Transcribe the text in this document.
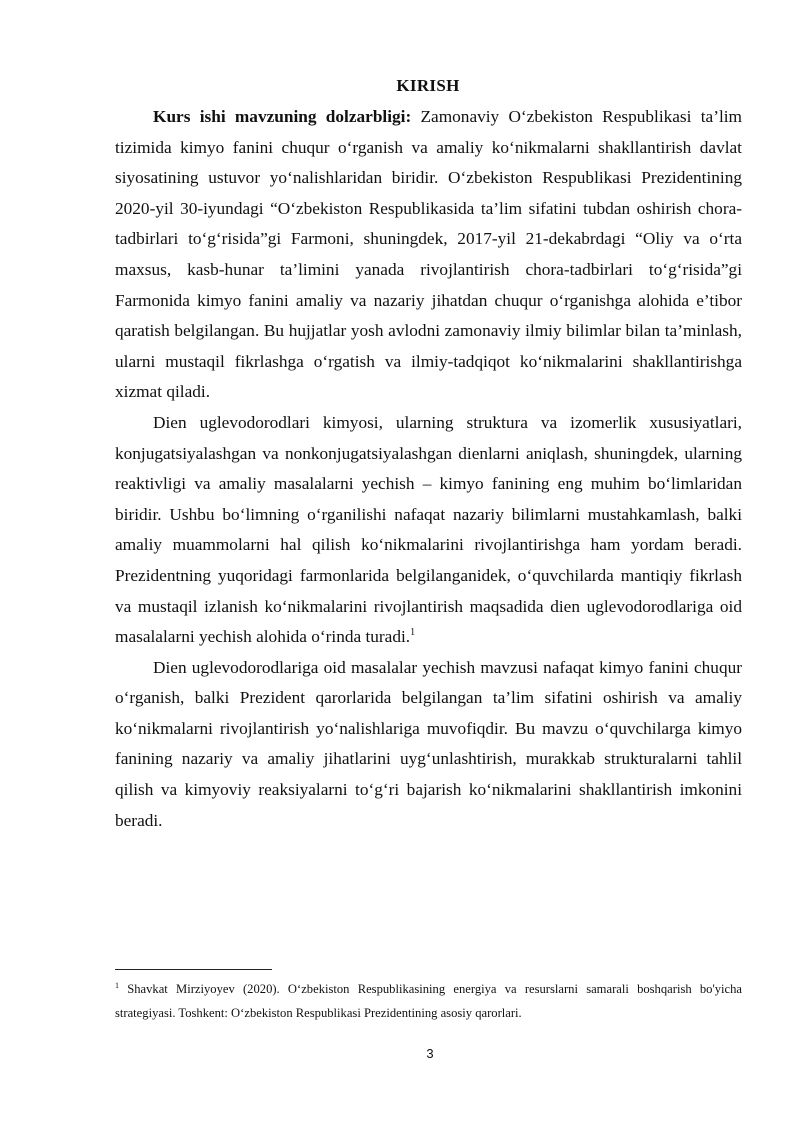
KIRISH

Kurs ishi mavzuning dolzarbligi: Zamonaviy O‘zbekiston Respublikasi ta’lim tizimida kimyo fanini chuqur o‘rganish va amaliy ko‘nikmalarni shakllantirish davlat siyosatining ustuvor yo‘nalishlaridan biridir. O‘zbekiston Respublikasi Prezidentining 2020-yil 30-iyundagi “O‘zbekiston Respublikasida ta’lim sifatini tubdan oshirish chora-tadbirlari to‘g‘risida”gi Farmoni, shuningdek, 2017-yil 21-dekabrdagi “Oliy va o‘rta maxsus, kasb-hunar ta’limini yanada rivojlantirish chora-tadbirlari to‘g‘risida”gi Farmonida kimyo fanini amaliy va nazariy jihatdan chuqur o‘rganishga alohida e’tibor qaratish belgilangan. Bu hujjatlar yosh avlodni zamonaviy ilmiy bilimlar bilan ta’minlash, ularni mustaqil fikrlashga o‘rgatish va ilmiy-tadqiqot ko‘nikmalarini shakllantirishga xizmat qiladi.

Dien uglevodorodlari kimyosi, ularning struktura va izomerlik xususiyatlari, konjugatsiyalashgan va nonkonjugatsiyalashgan dienlarni aniqlash, shuningdek, ularning reaktivligi va amaliy masalalarni yechish – kimyo fanining eng muhim bo‘limlaridan biridir. Ushbu bo‘limning o‘rganilishi nafaqat nazariy bilimlarni mustahkamlash, balki amaliy muammolarni hal qilish ko‘nikmalarini rivojlantirishga ham yordam beradi. Prezidentning yuqoridagi farmonlarida belgilanganidek, o‘quvchilarda mantiqiy fikrlash va mustaqil izlanish ko‘nikmalarini rivojlantirish maqsadida dien uglevodorodlariga oid masalalarni yechish alohida o‘rinda turadi.$^1$

Dien uglevodorodlariga oid masalalar yechish mavzusi nafaqat kimyo fanini chuqur o‘rganish, balki Prezident qarorlarida belgilangan ta’lim sifatini oshirish va amaliy ko‘nikmalarni rivojlantirish yo‘nalishlariga muvofiqdir. Bu mavzu o‘quvchilarga kimyo fanining nazariy va amaliy jihatlarini uyg‘unlashtirish, murakkab strukturalarni tahlil qilish va kimyoviy reaksiyalarni to‘g‘ri bajarish ko‘nikmalarini shakllantirish imkonini beradi.

$^1$ Shavkat Mirziyoyev (2020). O‘zbekiston Respublikasining energiya va resurslarni samarali boshqarish bo'yicha strategiyasi. Toshkent: O‘zbekiston Respublikasi Prezidentining asosiy qarorlari.

3
